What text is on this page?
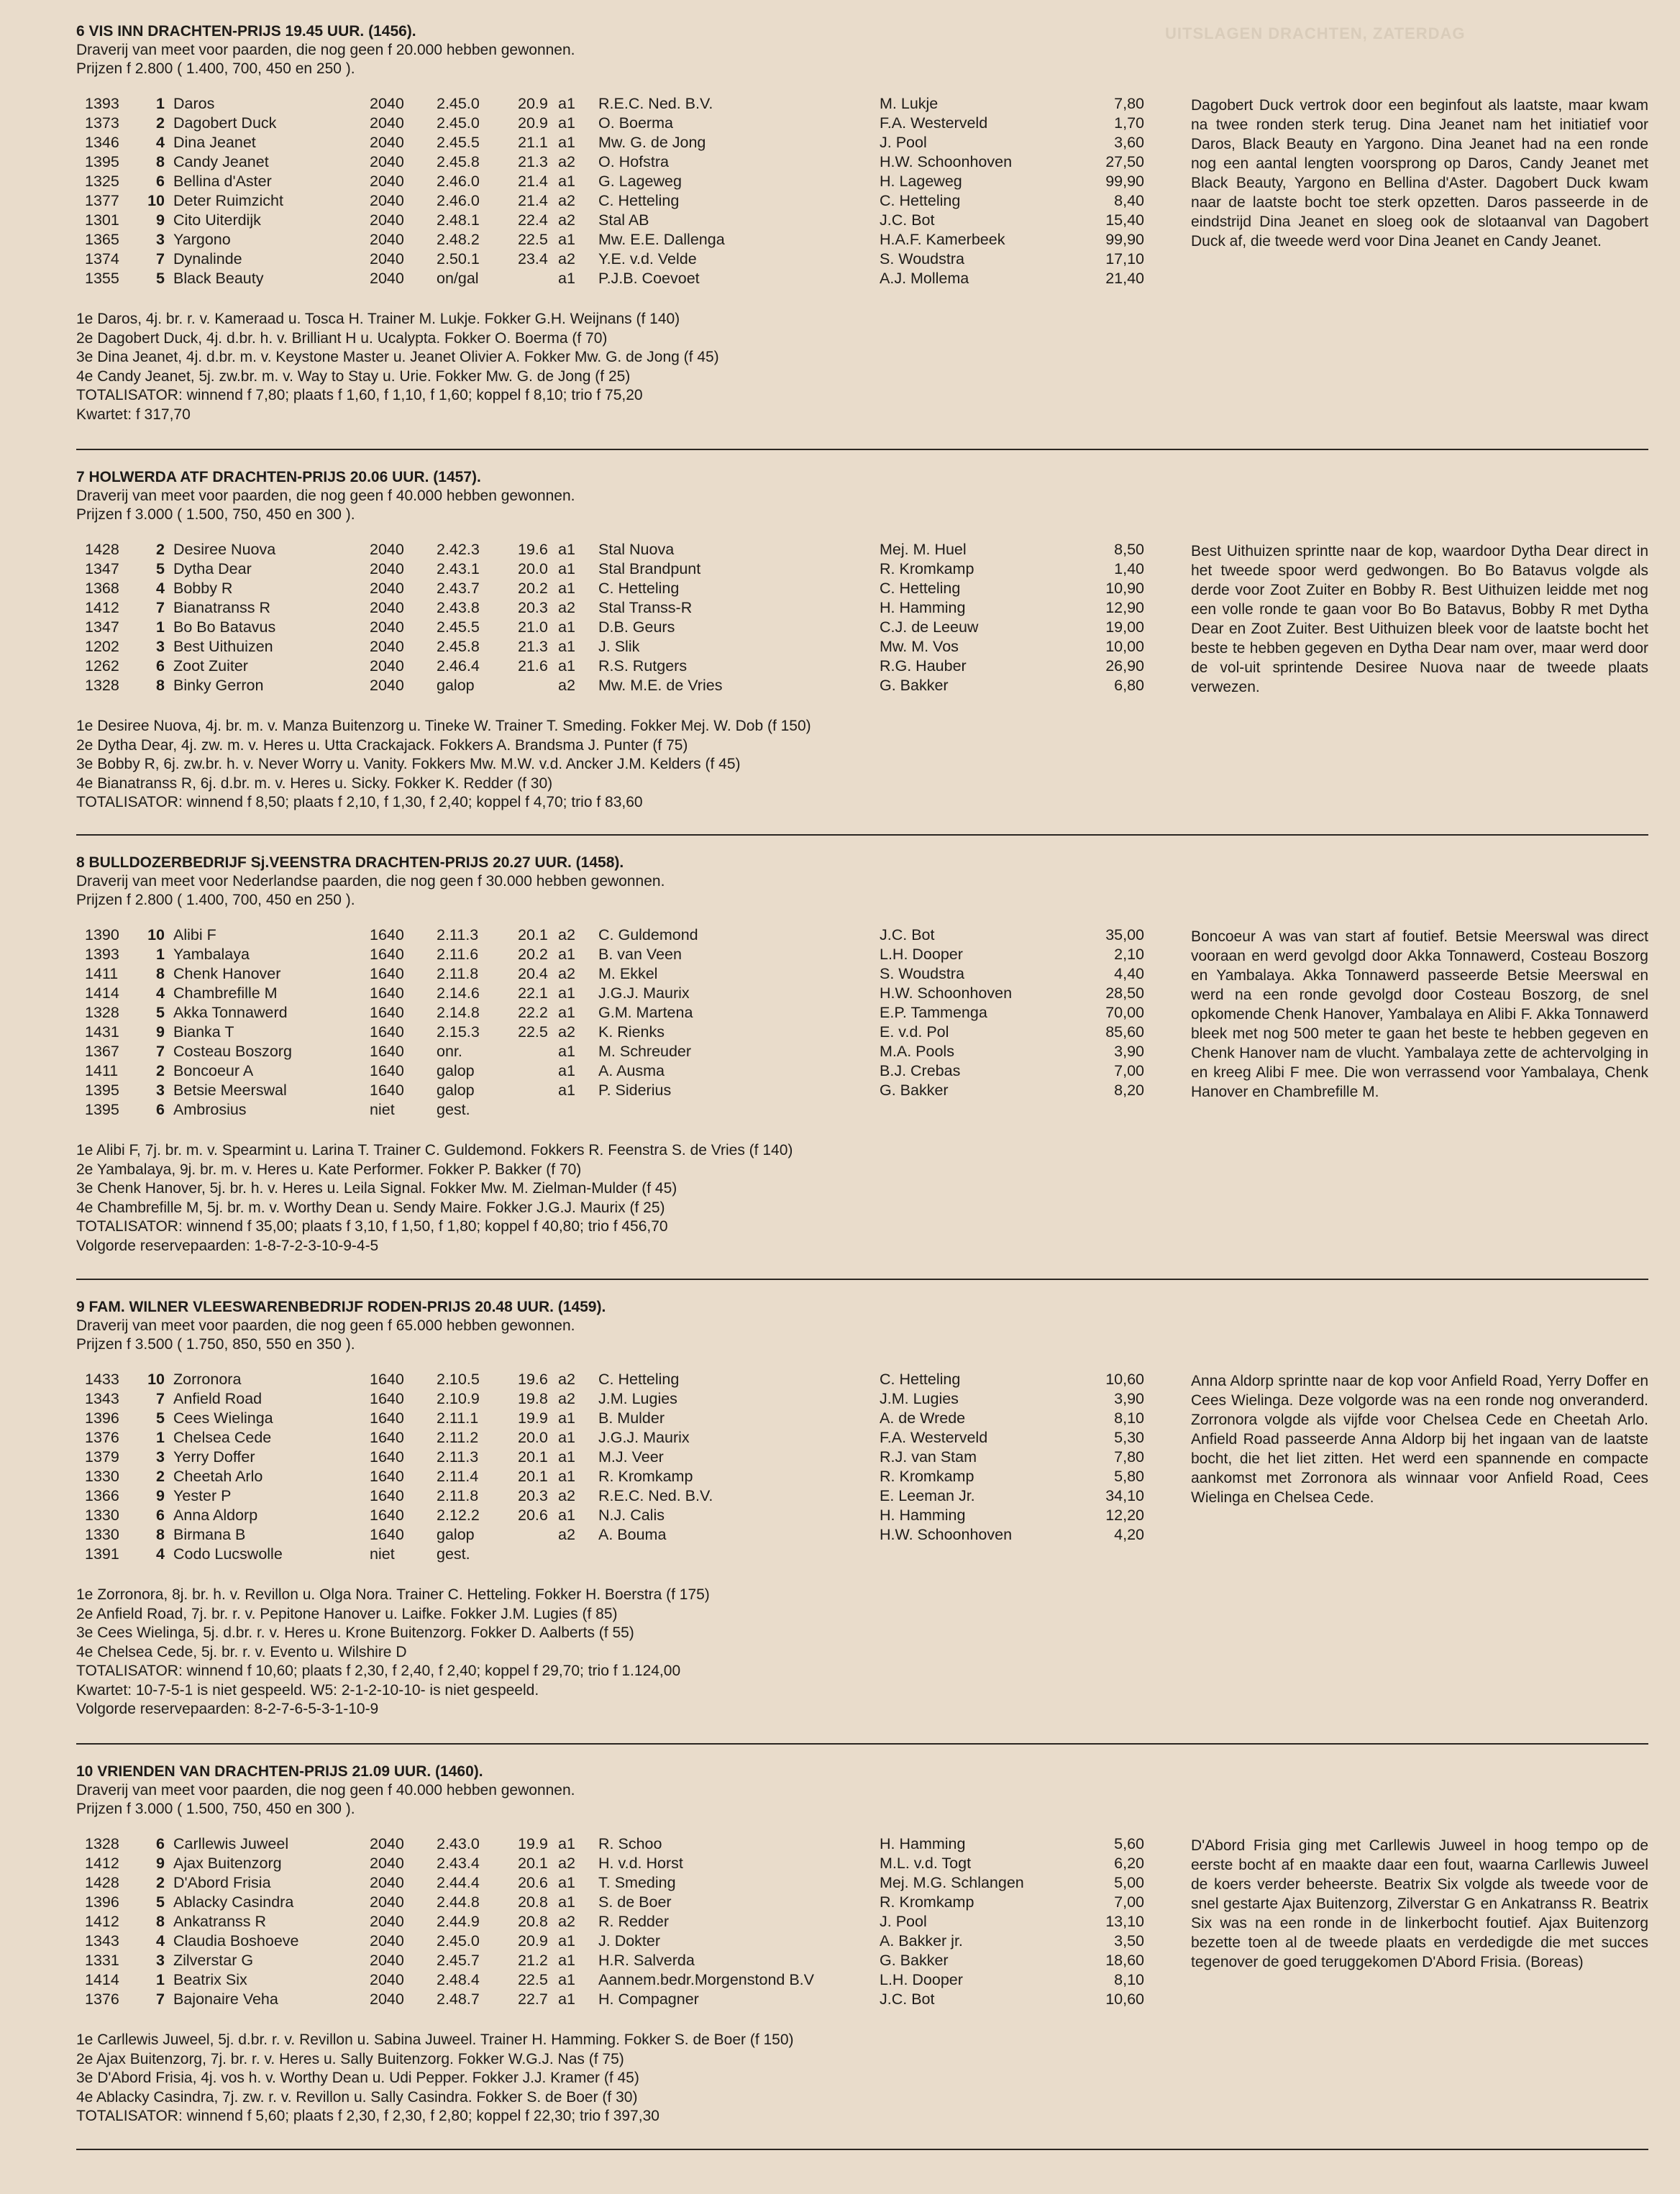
UITSLAGEN DRACHTEN, ZATERDAG
6 VIS INN DRACHTEN-PRIJS 19.45 UUR. (1456).
Draverij van meet voor paarden, die nog geen f 20.000 hebben gewonnen.
Prijzen f 2.800 ( 1.400, 700, 450 en 250 ).
1393	1 Daros	2040 2.45.0 20.9 a1 R.E.C. Ned. B.V.	M. Lukje	7,80
1373	2 Dagobert Duck	2040 2.45.0 20.9 a1 O. Boerma	F.A. Westerveld	1,70
1346	4 Dina Jeanet	2040 2.45.5 21.1 a1 Mw. G. de Jong	J. Pool	3,60
1395	8 Candy Jeanet	2040 2.45.8 21.3 a2 O. Hofstra	H.W. Schoonhoven	27,50
1325	6 Bellina d'Aster	2040 2.46.0 21.4 a1 G. Lageweg	H. Lageweg	99,90
1377 10 Deter Ruimzicht	2040 2.46.0 21.4 a2 C. Hetteling	C. Hetteling	8,40
1301	9 Cito Uiterdijk	2040 2.48.1 22.4 a2 Stal AB	J.C. Bot	15,40
1365	3 Yargono	2040 2.48.2 22.5 a1 Mw. E.E. Dallenga	H.A.F. Kamerbeek	99,90
1374	7 Dynalinde	2040 2.50.1 23.4 a2 Y.E. v.d. Velde	S. Woudstra	17,10
1355	5 Black Beauty	2040 on/gal	a1 P.J.B. Coevoet	A.J. Mollema	21,40
Dagobert Duck vertrok door een beginfout als laatste, maar kwam na twee ronden sterk terug. Dina Jeanet nam het initiatief voor Daros, Black Beauty en Yargono. Dina Jeanet had na een ronde nog een aantal lengten voorsprong op Daros, Candy Jeanet met Black Beauty, Yargono en Bellina d'Aster. Dagobert Duck kwam naar de laatste bocht toe sterk opzetten. Daros passeerde in de eindstrijd Dina Jeanet en sloeg ook de slotaanval van Dagobert Duck af, die tweede werd voor Dina Jeanet en Candy Jeanet.
1e Daros, 4j. br. r. v. Kameraad u. Tosca H. Trainer M. Lukje. Fokker G.H. Weijnans (f 140)
2e Dagobert Duck, 4j. d.br. h. v. Brilliant H u. Ucalypta. Fokker O. Boerma (f 70)
3e Dina Jeanet, 4j. d.br. m. v. Keystone Master u. Jeanet Olivier A. Fokker Mw. G. de Jong (f 45)
4e Candy Jeanet, 5j. zw.br. m. v. Way to Stay u. Urie. Fokker Mw. G. de Jong (f 25)
TOTALISATOR: winnend f 7,80; plaats f 1,60, f 1,10, f 1,60; koppel f 8,10; trio f 75,20
Kwartet: f 317,70
7 HOLWERDA ATF DRACHTEN-PRIJS 20.06 UUR. (1457).
Draverij van meet voor paarden, die nog geen f 40.000 hebben gewonnen.
Prijzen f 3.000 ( 1.500, 750, 450 en 300 ).
1428	2 Desiree Nuova	2040 2.42.3 19.6 a1 Stal Nuova	Mej. M. Huel	8,50
1347	5 Dytha Dear	2040 2.43.1 20.0 a1 Stal Brandpunt	R. Kromkamp	1,40
1368	4 Bobby R	2040 2.43.7 20.2 a1 C. Hetteling	C. Hetteling	10,90
1412	7 Bianatranss R	2040 2.43.8 20.3 a2 Stal Transs-R	H. Hamming	12,90
1347	1 Bo Bo Batavus	2040 2.45.5 21.0 a1 D.B. Geurs	C.J. de Leeuw	19,00
1202	3 Best Uithuizen	2040 2.45.8 21.3 a1 J. Slik	Mw. M. Vos	10,00
1262	6 Zoot Zuiter	2040 2.46.4 21.6 a1 R.S. Rutgers	R.G. Hauber	26,90
1328	8 Binky Gerron	2040 galop	a2 Mw. M.E. de Vries	G. Bakker	6,80
Best Uithuizen sprintte naar de kop, waardoor Dytha Dear direct in het tweede spoor werd gedwongen. Bo Bo Batavus volgde als derde voor Zoot Zuiter en Bobby R. Best Uithuizen leidde met nog een volle ronde te gaan voor Bo Bo Batavus, Bobby R met Dytha Dear en Zoot Zuiter. Best Uithuizen bleek voor de laatste bocht het beste te hebben gegeven en Dytha Dear nam over, maar werd door de vol-uit sprintende Desiree Nuova naar de tweede plaats verwezen.
1e Desiree Nuova, 4j. br. m. v. Manza Buitenzorg u. Tineke W. Trainer T. Smeding. Fokker Mej. W. Dob (f 150)
2e Dytha Dear, 4j. zw. m. v. Heres u. Utta Crackajack. Fokkers A. Brandsma J. Punter (f 75)
3e Bobby R, 6j. zw.br. h. v. Never Worry u. Vanity. Fokkers Mw. M.W. v.d. Ancker J.M. Kelders (f 45)
4e Bianatranss R, 6j. d.br. m. v. Heres u. Sicky. Fokker K. Redder (f 30)
TOTALISATOR: winnend f 8,50; plaats f 2,10, f 1,30, f 2,40; koppel f 4,70; trio f 83,60
8 BULLDOZERBEDRIJF Sj.VEENSTRA DRACHTEN-PRIJS 20.27 UUR. (1458).
Draverij van meet voor Nederlandse paarden, die nog geen f 30.000 hebben gewonnen.
Prijzen f 2.800 ( 1.400, 700, 450 en 250 ).
1390 10 Alibi F	1640 2.11.3	20.1 a2 C. Guldemond	J.C. Bot	35,00
1393	1 Yambalaya	1640 2.11.6	20.2 a1 B. van Veen	L.H. Dooper	2,10
1411	8 Chenk Hanover	1640 2.11.8	20.4 a2 M. Ekkel	S. Woudstra	4,40
1414	4 Chambrefille M	1640 2.14.6 22.1 a1 J.G.J. Maurix	H.W. Schoonhoven	28,50
1328	5 Akka Tonnawerd	1640 2.14.8 22.2 a1 G.M. Martena	E.P. Tammenga	70,00
1431	9 Bianka T	1640 2.15.3 22.5 a2 K. Rienks	E. v.d. Pol	85,60
1367	7 Costeau Boszorg	1640 onr.	a1 M. Schreuder	M.A. Pools	3,90
1411	2 Boncoeur A	1640 galop	a1 A. Ausma	B.J. Crebas	7,00
1395	3 Betsie Meerswal	1640 galop	a1 P. Siderius	G. Bakker	8,20
1395	6 Ambrosius	niet	gest.
Boncoeur A was van start af foutief. Betsie Meerswal was direct vooraan en werd gevolgd door Akka Tonnawerd, Costeau Boszorg en Yambalaya. Akka Tonnawerd passeerde Betsie Meerswal en werd na een ronde gevolgd door Costeau Boszorg, de snel opkomende Chenk Hanover, Yambalaya en Alibi F. Akka Tonnawerd bleek met nog 500 meter te gaan het beste te hebben gegeven en Chenk Hanover nam de vlucht. Yambalaya zette de achtervolging in en kreeg Alibi F mee. Die won verrassend voor Yambalaya, Chenk Hanover en Chambrefille M.
1e Alibi F, 7j. br. m. v. Spearmint u. Larina T. Trainer C. Guldemond. Fokkers R. Feenstra S. de Vries (f 140)
2e Yambalaya, 9j. br. m. v. Heres u. Kate Performer. Fokker P. Bakker (f 70)
3e Chenk Hanover, 5j. br. h. v. Heres u. Leila Signal. Fokker Mw. M. Zielman-Mulder (f 45)
4e Chambrefille M, 5j. br. m. v. Worthy Dean u. Sendy Maire. Fokker J.G.J. Maurix (f 25)
TOTALISATOR: winnend f 35,00; plaats f 3,10, f 1,50, f 1,80; koppel f 40,80; trio f 456,70
Volgorde reservepaarden: 1-8-7-2-3-10-9-4-5
9 FAM. WILNER VLEESWARENBEDRIJF RODEN-PRIJS 20.48 UUR. (1459).
Draverij van meet voor paarden, die nog geen f 65.000 hebben gewonnen.
Prijzen f 3.500 ( 1.750, 850, 550 en 350 ).
1433 10 Zorronora	1640 2.10.5 19.6 a2 C. Hetteling	C. Hetteling	10,60
1343	7 Anfield Road	1640 2.10.9 19.8 a2 J.M. Lugies	J.M. Lugies	3,90
1396	5 Cees Wielinga	1640 2.11.1	19.9 a1 B. Mulder	A. de Wrede	8,10
1376	1 Chelsea Cede	1640 2.11.2	20.0 a1 J.G.J. Maurix	F.A. Westerveld	5,30
1379	3 Yerry Doffer	1640 2.11.3	20.1 a1 M.J. Veer	R.J. van Stam	7,80
1330	2 Cheetah Arlo	1640 2.11.4	20.1 a1 R. Kromkamp	R. Kromkamp	5,80
1366	9 Yester P	1640 2.11.8	20.3 a2 R.E.C. Ned. B.V.	E. Leeman Jr.	34,10
1330	6 Anna Aldorp	1640 2.12.2 20.6 a1 N.J. Calis	H. Hamming	12,20
1330	8 Birmana B	1640 galop	a2 A. Bouma	H.W. Schoonhoven	4,20
1391	4 Codo Lucswolle	niet	gest.
Anna Aldorp sprintte naar de kop voor Anfield Road, Yerry Doffer en Cees Wielinga. Deze volgorde was na een ronde nog onveranderd. Zorronora volgde als vijfde voor Chelsea Cede en Cheetah Arlo. Anfield Road passeerde Anna Aldorp bij het ingaan van de laatste bocht, die het liet zitten. Het werd een spannende en compacte aankomst met Zorronora als winnaar voor Anfield Road, Cees Wielinga en Chelsea Cede.
1e Zorronora, 8j. br. h. v. Revillon u. Olga Nora. Trainer C. Hetteling. Fokker H. Boerstra (f 175)
2e Anfield Road, 7j. br. r. v. Pepitone Hanover u. Laifke. Fokker J.M. Lugies (f 85)
3e Cees Wielinga, 5j. d.br. r. v. Heres u. Krone Buitenzorg. Fokker D. Aalberts (f 55)
4e Chelsea Cede, 5j. br. r. v. Evento u. Wilshire D
TOTALISATOR: winnend f 10,60; plaats f 2,30, f 2,40, f 2,40; koppel f 29,70; trio f 1.124,00
Kwartet: 10-7-5-1 is niet gespeeld. W5: 2-1-2-10-10- is niet gespeeld.
Volgorde reservepaarden: 8-2-7-6-5-3-1-10-9
10 VRIENDEN VAN DRACHTEN-PRIJS 21.09 UUR. (1460).
Draverij van meet voor paarden, die nog geen f 40.000 hebben gewonnen.
Prijzen f 3.000 ( 1.500, 750, 450 en 300 ).
1328	6 Carllewis Juweel	2040 2.43.0 19.9 a1 R. Schoo	H. Hamming	5,60
1412	9 Ajax Buitenzorg	2040 2.43.4 20.1 a2 H. v.d. Horst	M.L. v.d. Togt	6,20
1428	2 D'Abord Frisia	2040 2.44.4 20.6 a1 T. Smeding	Mej. M.G. Schlangen	5,00
1396	5 Ablacky Casindra	2040 2.44.8 20.8 a1 S. de Boer	R. Kromkamp	7,00
1412	8 Ankatranss R	2040 2.44.9 20.8 a2 R. Redder	J. Pool	13,10
1343	4 Claudia Boshoeve	2040 2.45.0 20.9 a1 J. Dokter	A. Bakker jr.	3,50
1331	3 Zilverstar G	2040 2.45.7 21.2 a1 H.R. Salverda	G. Bakker	18,60
1414	1 Beatrix Six	2040 2.48.4 22.5 a1 Aannem.bedr.Morgenstond B.V	L.H. Dooper	8,10
1376	7 Bajonaire Veha	2040 2.48.7 22.7 a1 H. Compagner	J.C. Bot	10,60
D'Abord Frisia ging met Carllewis Juweel in hoog tempo op de eerste bocht af en maakte daar een fout, waarna Carllewis Juweel de koers verder beheerste. Beatrix Six volgde als tweede voor de snel gestarte Ajax Buitenzorg, Zilverstar G en Ankatranss R. Beatrix Six was na een ronde in de linkerbocht foutief. Ajax Buitenzorg bezette toen al de tweede plaats en verdedigde die met succes tegenover de goed teruggekomen D'Abord Frisia. (Boreas)
1e Carllewis Juweel, 5j. d.br. r. v. Revillon u. Sabina Juweel. Trainer H. Hamming. Fokker S. de Boer (f 150)
2e Ajax Buitenzorg, 7j. br. r. v. Heres u. Sally Buitenzorg. Fokker W.G.J. Nas (f 75)
3e D'Abord Frisia, 4j. vos h. v. Worthy Dean u. Udi Pepper. Fokker J.J. Kramer (f 45)
4e Ablacky Casindra, 7j. zw. r. v. Revillon u. Sally Casindra. Fokker S. de Boer (f 30)
TOTALISATOR: winnend f 5,60; plaats f 2,30, f 2,30, f 2,80; koppel f 22,30; trio f 397,30
